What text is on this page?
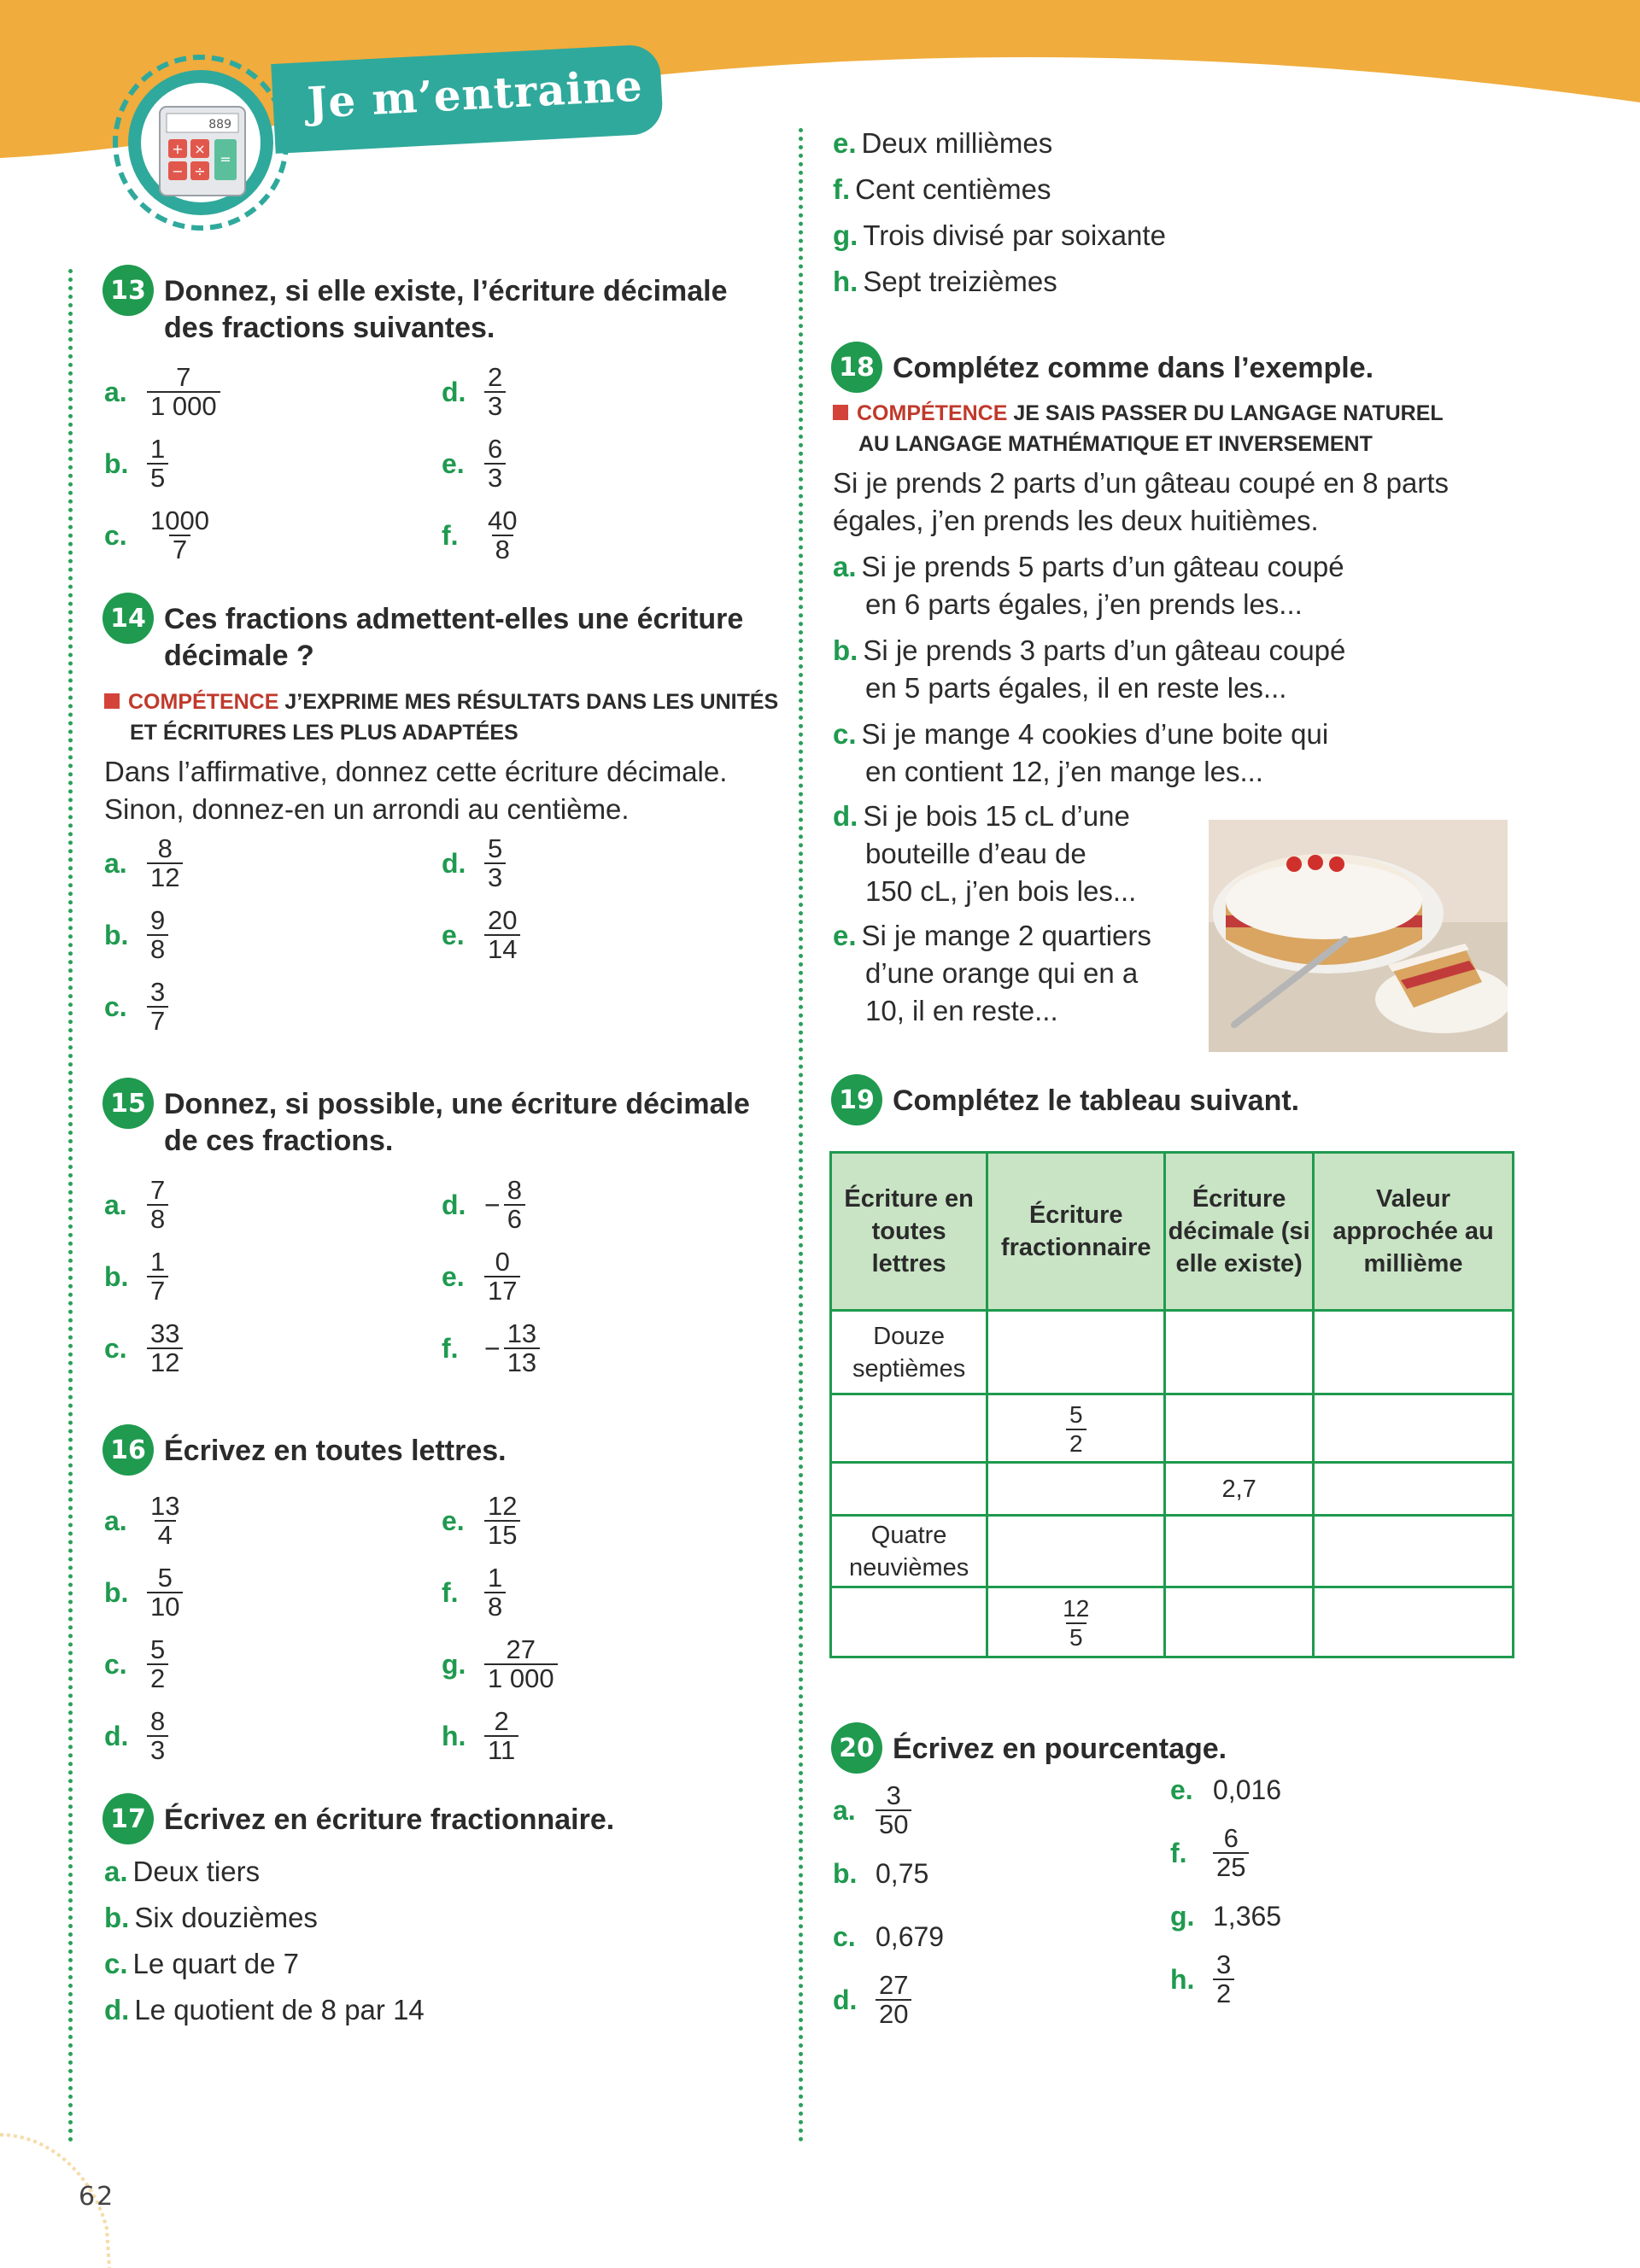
889
+ ×
− ÷
=
Je m’entraine
13 Donnez, si elle existe, l’écriture décimale des fractions suivantes.
a. $\frac{7}{1 000}$	d. $\frac{2}{3}$
b. $\frac{1}{5}$	e. $\frac{6}{3}$
c. $\frac{1000}{7}$	f. $\frac{40}{8}$
14 Ces fractions admettent-elles une écriture décimale ?
COMPÉTENCE J’EXPRIME MES RÉSULTATS DANS LES UNITÉS
ET ÉCRITURES LES PLUS ADAPTÉES
Dans l’affirmative, donnez cette écriture décimale. Sinon, donnez-en un arrondi au centième.
a. $\frac{8}{12}$	d. $\frac{5}{3}$
b. $\frac{9}{8}$	e. $\frac{20}{14}$
c. $\frac{3}{7}$
15 Donnez, si possible, une écriture décimale de ces fractions.
a. $\frac{7}{8}$	d. − $\frac{8}{6}$
b. $\frac{1}{7}$	e. $\frac{0}{17}$
c. $\frac{33}{12}$	f. − $\frac{13}{13}$
16 Écrivez en toutes lettres.
a. $\frac{13}{4}$	e. $\frac{12}{15}$
b. $\frac{5}{10}$	f. $\frac{1}{8}$
c. $\frac{5}{2}$	g. $\frac{27}{1 000}$
d. $\frac{8}{3}$	h. $\frac{2}{11}$
17 Écrivez en écriture fractionnaire.
a. Deux tiers
b. Six douzièmes
c. Le quart de 7
d. Le quotient de 8 par 14
e. Deux millièmes
f. Cent centièmes
g. Trois divisé par soixante
h. Sept treizièmes
18 Complétez comme dans l’exemple.
COMPÉTENCE JE SAIS PASSER DU LANGAGE NATUREL
AU LANGAGE MATHÉMATIQUE ET INVERSEMENT
Si je prends 2 parts d’un gâteau coupé en 8 parts égales, j’en prends les deux huitièmes.
a. Si je prends 5 parts d’un gâteau coupé
en 6 parts égales, j’en prends les...
b. Si je prends 3 parts d’un gâteau coupé
en 5 parts égales, il en reste les...
c. Si je mange 4 cookies d’une boite qui
en contient 12, j’en mange les...
d. Si je bois 15 cL d’une
bouteille d’eau de
150 cL, j’en bois les...
e. Si je mange 2 quartiers
d’une orange qui en a
10, il en reste...
19 Complétez le tableau suivant.
Écriture en toutes lettres	Écriture fractionnaire	Écriture décimale (si elle existe)	Valeur approchée au millième
Douze septièmes			

	$\frac{5}{2}$

		2,7	
Quatre neuvièmes			

	$\frac{12}{5}$

20 Écrivez en pourcentage.
a. $\frac{3}{50}$
b. 0,75
c. 0,679
d. $\frac{27}{20}$
e. 0,016
f. $\frac{6}{25}$
g. 1,365
h. $\frac{3}{2}$
62
